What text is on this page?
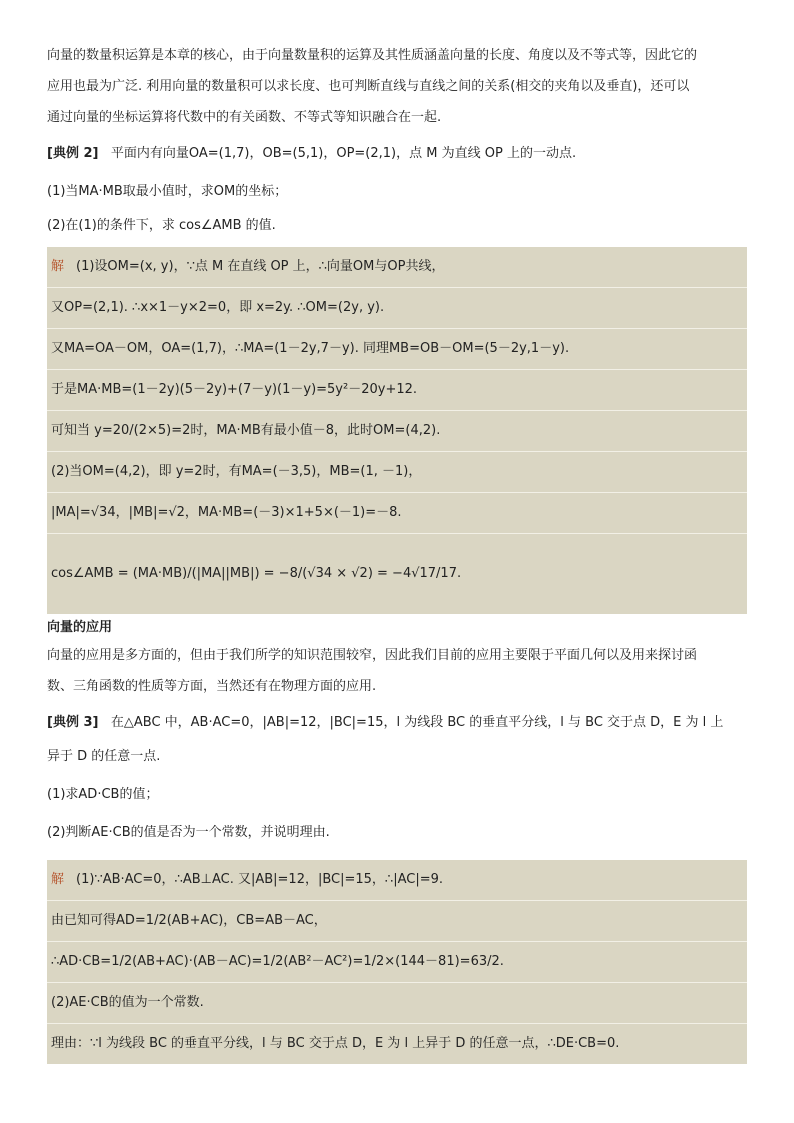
向量的数量积运算是本章的核心，由于向量数量积的运算及其性质涵盖向量的长度、角度以及不等式等，因此它的
应用也最为广泛. 利用向量的数量积可以求长度、也可判断直线与直线之间的关系(相交的夹角以及垂直)，还可以
通过向量的坐标运算将代数中的有关函数、不等式等知识融合在一起.
[典例 2] 平面内有向量OA=(1,7)，OB=(5,1)，OP=(2,1)，点 M 为直线 OP 上的一动点.
(1)当MA·MB取最小值时，求OM的坐标；
(2)在(1)的条件下，求 cos∠AMB 的值.
解 (1)设OM=(x, y)，∵点 M 在直线 OP 上，∴向量OM与OP共线，
又OP=(2,1). ∴x×1－y×2=0，即 x=2y. ∴OM=(2y, y).
又MA=OA－OM，OA=(1,7)，∴MA=(1－2y,7－y). 同理MB=OB－OM=(5－2y,1－y).
于是MA·MB=(1－2y)(5－2y)+(7－y)(1－y)=5y²－20y+12.
可知当 y=20/(2×5)=2时，MA·MB有最小值－8，此时OM=(4,2).
(2)当OM=(4,2)，即 y=2时，有MA=(－3,5)，MB=(1, －1)，
|MA|=√34，|MB|=√2，MA·MB=(－3)×1+5×(－1)=－8.
cos∠AMB = (MA·MB)/(|MA||MB|) = −8/(√34 × √2) = −4√17/17.
向量的应用
向量的应用是多方面的，但由于我们所学的知识范围较窄，因此我们目前的应用主要限于平面几何以及用来探讨函
数、三角函数的性质等方面，当然还有在物理方面的应用.
[典例 3] 在△ABC 中，AB·AC=0，|AB|=12，|BC|=15，l 为线段 BC 的垂直平分线，l 与 BC 交于点 D，E 为 l 上
异于 D 的任意一点.
(1)求AD·CB的值；
(2)判断AE·CB的值是否为一个常数，并说明理由.
解 (1)∵AB·AC=0，∴AB⊥AC. 又|AB|=12，|BC|=15，∴|AC|=9.
由已知可得AD=1/2(AB+AC)，CB=AB－AC，
∴AD·CB=1/2(AB+AC)·(AB－AC)=1/2(AB²－AC²)=1/2×(144－81)=63/2.
(2)AE·CB的值为一个常数.
理由：∵l 为线段 BC 的垂直平分线，l 与 BC 交于点 D，E 为 l 上异于 D 的任意一点，∴DE·CB=0.
